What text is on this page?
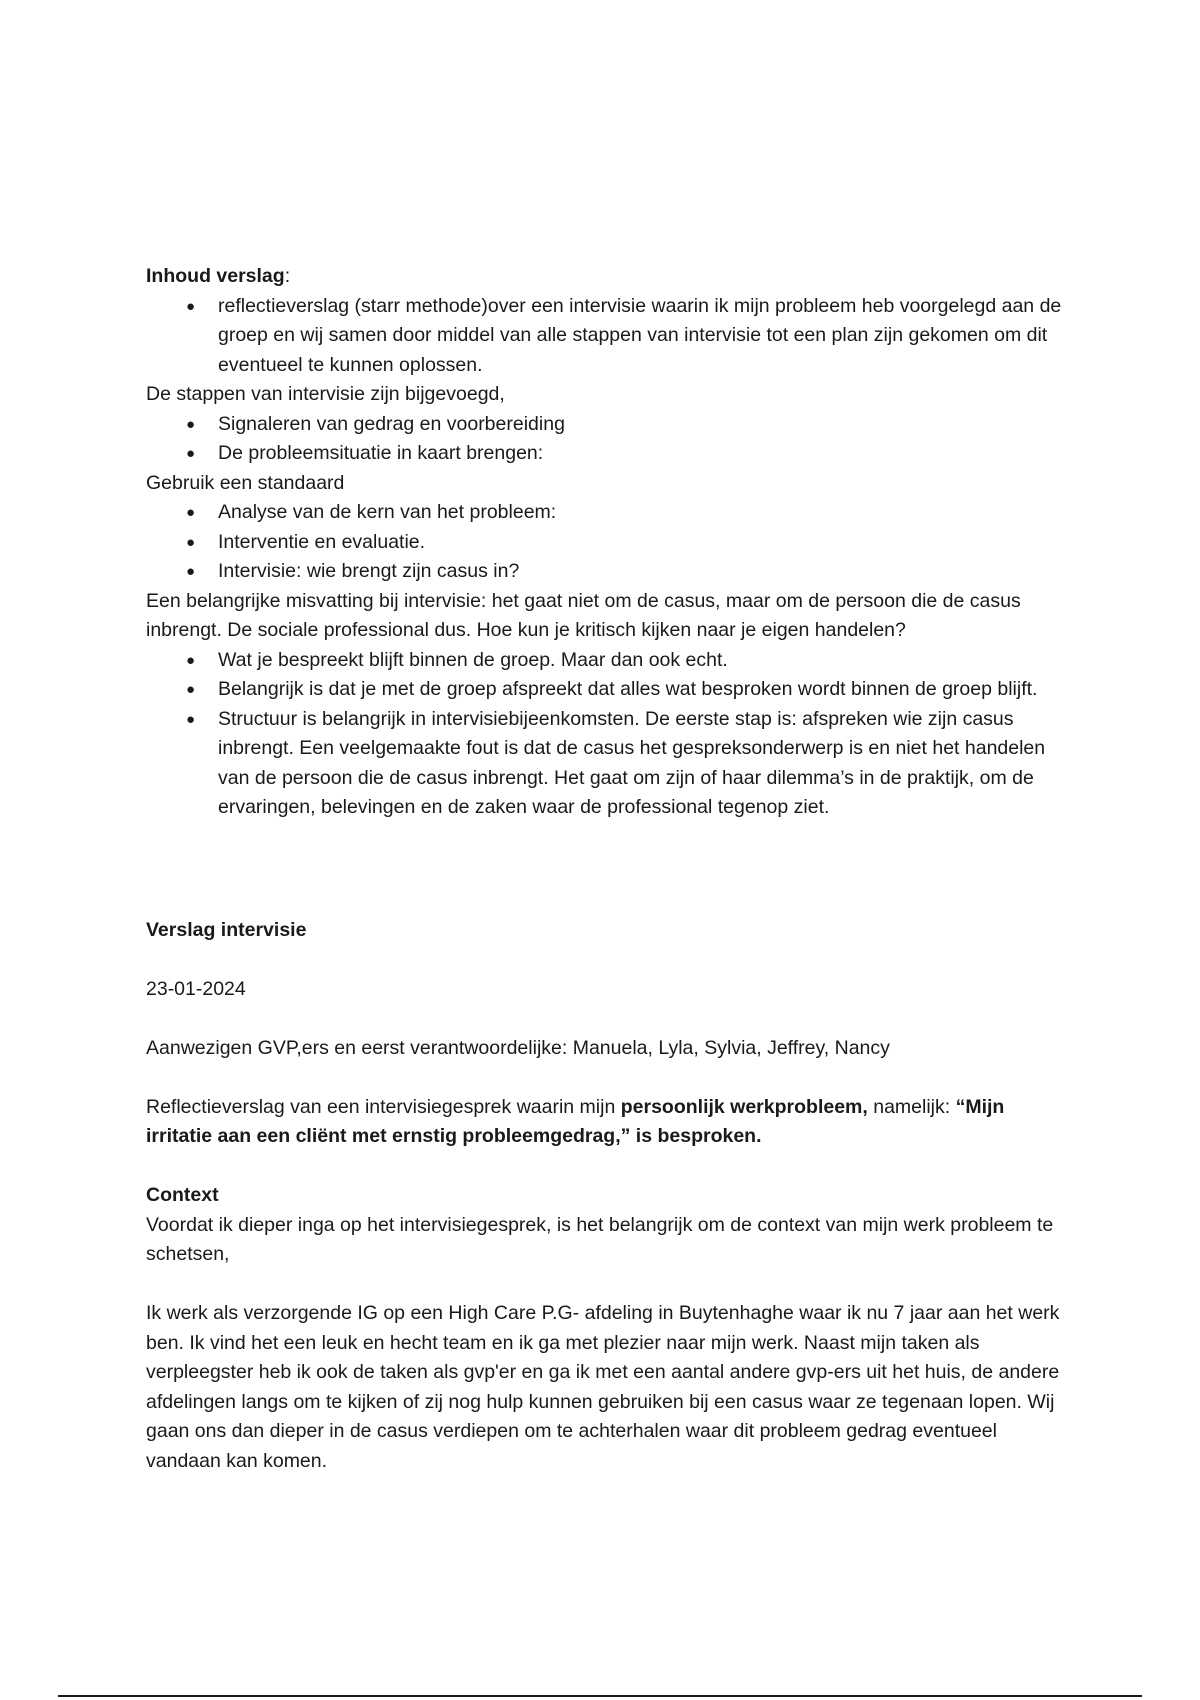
Inhoud verslag:

● reflectieverslag (starr methode)over een intervisie waarin ik mijn probleem heb voorgelegd aan de groep en wij samen door middel van alle stappen van intervisie tot een plan zijn gekomen om dit eventueel te kunnen oplossen.

De stappen van intervisie zijn bijgevoegd,

● Signaleren van gedrag en voorbereiding
● De probleemsituatie in kaart brengen:

Gebruik een standaard

● Analyse van de kern van het probleem:
● Interventie en evaluatie.
● Intervisie: wie brengt zijn casus in?

Een belangrijke misvatting bij intervisie: het gaat niet om de casus, maar om de persoon die de casus inbrengt. De sociale professional dus. Hoe kun je kritisch kijken naar je eigen handelen?

● Wat je bespreekt blijft binnen de groep. Maar dan ook echt.
● Belangrijk is dat je met de groep afspreekt dat alles wat besproken wordt binnen de groep blijft.
● Structuur is belangrijk in intervisiebijeenkomsten. De eerste stap is: afspreken wie zijn casus inbrengt. Een veelgemaakte fout is dat de casus het gespreksonderwerp is en niet het handelen van de persoon die de casus inbrengt. Het gaat om zijn of haar dilemma’s in de praktijk, om de ervaringen, belevingen en de zaken waar de professional tegenop ziet.

Verslag intervisie

23-01-2024

Aanwezigen GVP,ers en eerst verantwoordelijke: Manuela, Lyla, Sylvia, Jeffrey, Nancy

Reflectieverslag van een intervisiegesprek waarin mijn persoonlijk werkprobleem, namelijk: “Mijn irritatie aan een cliënt met ernstig probleemgedrag,” is besproken.

Context

Voordat ik dieper inga op het intervisiegesprek, is het belangrijk om de context van mijn werk probleem te schetsen,

Ik werk als verzorgende IG op een High Care P.G- afdeling in Buytenhaghe waar ik nu 7 jaar aan het werk ben. Ik vind het een leuk en hecht team en ik ga met plezier naar mijn werk. Naast mijn taken als verpleegster heb ik ook de taken als gvp'er en ga ik met een aantal andere gvp-ers uit het huis, de andere afdelingen langs om te kijken of zij nog hulp kunnen gebruiken bij een casus waar ze tegenaan lopen. Wij gaan ons dan dieper in de casus verdiepen om te achterhalen waar dit probleem gedrag eventueel vandaan kan komen.
